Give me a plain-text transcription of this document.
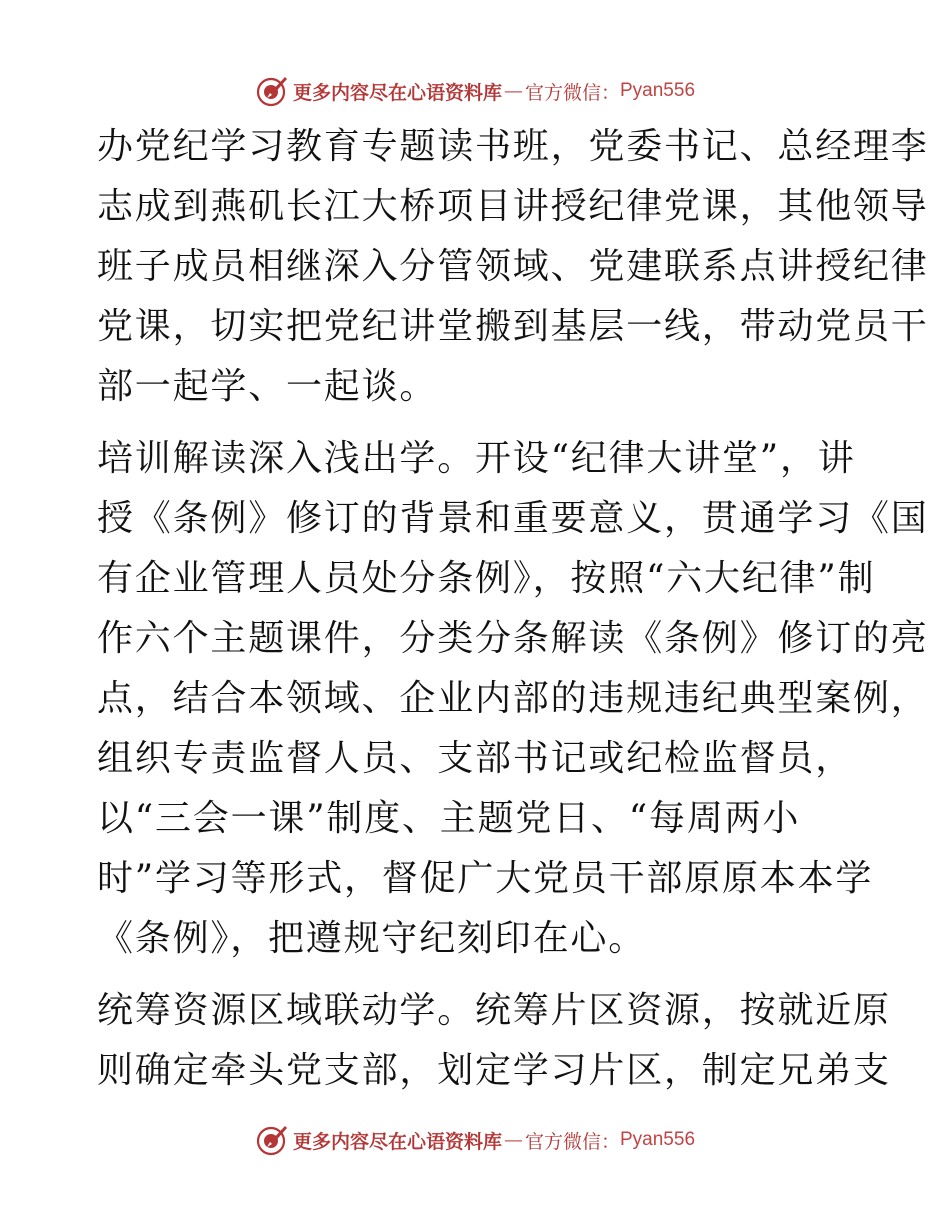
更多内容尽在心语资料库 — 官方微信： Pyan556
办党纪学习教育专题读书班，党委书记、总经理李
志成到燕矶长江大桥项目讲授纪律党课，其他领导
班子成员相继深入分管领域、党建联系点讲授纪律
党课，切实把党纪讲堂搬到基层一线，带动党员干
部一起学、一起谈。
培训解读深入浅出学。开设“纪律大讲堂”，讲
授《条例》修订的背景和重要意义，贯通学习《国
有企业管理人员处分条例》，按照“六大纪律”制
作六个主题课件，分类分条解读《条例》修订的亮
点，结合本领域、企业内部的违规违纪典型案例，
组织专责监督人员、支部书记或纪检监督员，
以“三会一课”制度、主题党日、“每周两小
时”学习等形式，督促广大党员干部原原本本学
《条例》，把遵规守纪刻印在心。
统筹资源区域联动学。统筹片区资源，按就近原
则确定牵头党支部，划定学习片区，制定兄弟支
更多内容尽在心语资料库 — 官方微信： Pyan556
